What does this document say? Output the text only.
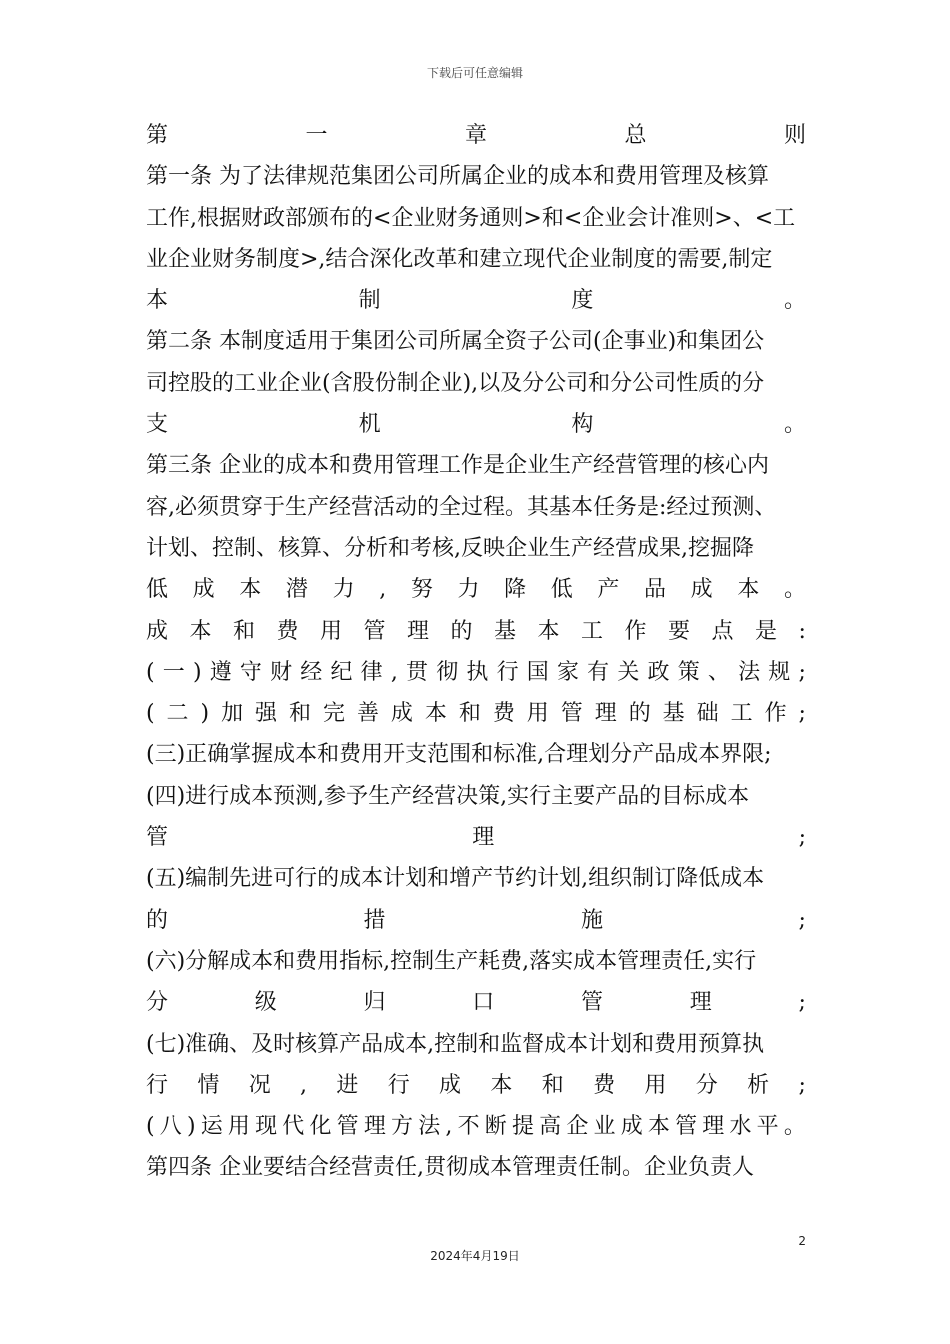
下载后可任意编辑
第	一	章	总	则
第一条 为了法律规范集团公司所属企业的成本和费用管理及核算
工作,根据财政部颁布的<企业财务通则>和<企业会计准则>、<工
业企业财务制度>,结合深化改革和建立现代企业制度的需要,制定
本	制	度	。
第二条 本制度适用于集团公司所属全资子公司(企事业)和集团公
司控股的工业企业(含股份制企业),以及分公司和分公司性质的分
支	机	构	。
第三条 企业的成本和费用管理工作是企业生产经营管理的核心内
容,必须贯穿于生产经营活动的全过程。其基本任务是:经过预测、
计划、控制、核算、分析和考核,反映企业生产经营成果,挖掘降
低 成 本 潜 力 , 努 力 降 低 产 品 成 本 。
成 本 和 费 用 管 理 的 基 本 工 作 要 点 是 :
( 一 ) 遵 守 财 经 纪 律 , 贯 彻 执 行 国 家 有 关 政 策 、 法 规 ;
( 二 ) 加 强 和 完 善 成 本 和 费 用 管 理 的 基 础 工 作 ;
(三)正确掌握成本和费用开支范围和标准,合理划分产品成本界限;
(四)进行成本预测,参予生产经营决策,实行主要产品的目标成本
管	理	;
(五)编制先进可行的成本计划和增产节约计划,组织制订降低成本
的	措	施	;
(六)分解成本和费用指标,控制生产耗费,落实成本管理责任,实行
分	级	归	口	管	理	;
(七)准确、及时核算产品成本,控制和监督成本计划和费用预算执
行 情 况 , 进 行 成 本 和 费 用 分 析 ;
( 八 ) 运 用 现 代 化 管 理 方 法 , 不 断 提 高 企 业 成 本 管 理 水 平 。
第四条 企业要结合经营责任,贯彻成本管理责任制。企业负责人
2
2024年4月19日
